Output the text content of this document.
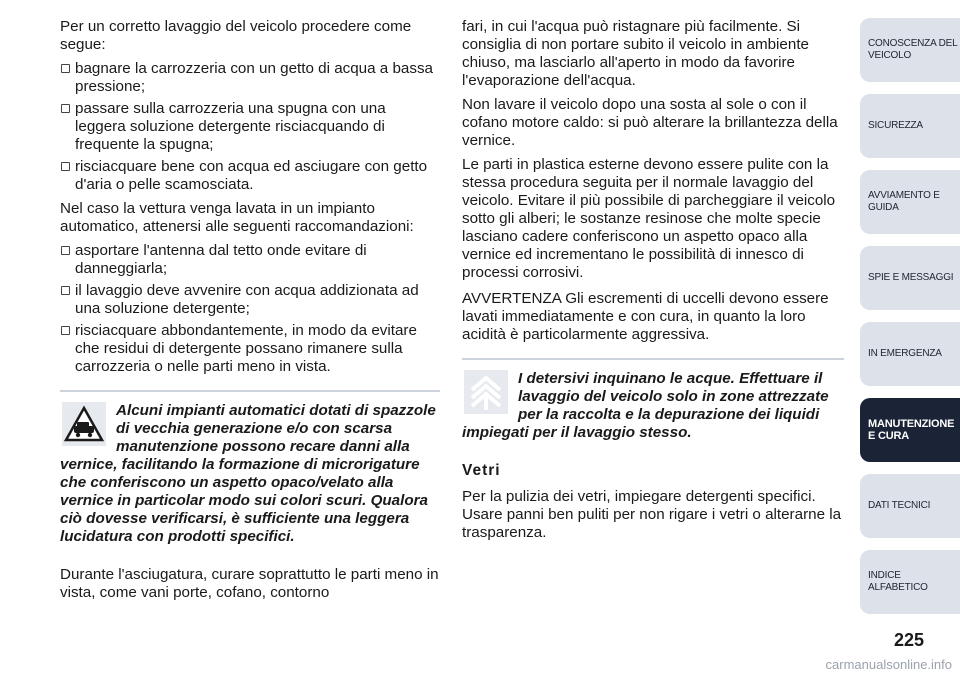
Per un corretto lavaggio del veicolo procedere come segue:

bagnare la carrozzeria con un getto di acqua a bassa pressione;
passare sulla carrozzeria una spugna con una leggera soluzione detergente risciacquando di frequente la spugna;
risciacquare bene con acqua ed asciugare con getto d'aria o pelle scamosciata.

Nel caso la vettura venga lavata in un impianto automatico, attenersi alle seguenti raccomandazioni:

asportare l'antenna dal tetto onde evitare di danneggiarla;
il lavaggio deve avvenire con acqua addizionata ad una soluzione detergente;
risciacquare abbondantemente, in modo da evitare che residui di detergente possano rimanere sulla carrozzeria o nelle parti meno in vista.
Alcuni impianti automatici dotati di spazzole di vecchia generazione e/o con scarsa manutenzione possono recare danni alla vernice, facilitando la formazione di microrigature che conferiscono un aspetto opaco/velato alla vernice in particolar modo sui colori scuri. Qualora ciò dovesse verificarsi, è sufficiente una leggera lucidatura con prodotti specifici.

Durante l'asciugatura, curare soprattutto le parti meno in vista, come vani porte, cofano, contorno

fari, in cui l'acqua può ristagnare più facilmente. Si consiglia di non portare subito il veicolo in ambiente chiuso, ma lasciarlo all'aperto in modo da favorire l'evaporazione dell'acqua.

Non lavare il veicolo dopo una sosta al sole o con il cofano motore caldo: si può alterare la brillantezza della vernice.

Le parti in plastica esterne devono essere pulite con la stessa procedura seguita per il normale lavaggio del veicolo. Evitare il più possibile di parcheggiare il veicolo sotto gli alberi; le sostanze resinose che molte specie lasciano cadere conferiscono un aspetto opaco alla vernice ed incrementano le possibilità di innesco di processi corrosivi.

AVVERTENZA Gli escrementi di uccelli devono essere lavati immediatamente e con cura, in quanto la loro acidità è particolarmente aggressiva.

I detersivi inquinano le acque. Effettuare il lavaggio del veicolo solo in zone attrezzate per la raccolta e la depurazione dei liquidi impiegati per il lavaggio stesso.
Vetri

Per la pulizia dei vetri, impiegare detergenti specifici. Usare panni ben puliti per non rigare i vetri o alterarne la trasparenza.

CONOSCENZA DEL VEICOLO
SICUREZZA
AVVIAMENTO E GUIDA
SPIE E MESSAGGI
IN EMERGENZA
MANUTENZIONE E CURA
DATI TECNICI
INDICE ALFABETICO
225
carmanualsonline.info
